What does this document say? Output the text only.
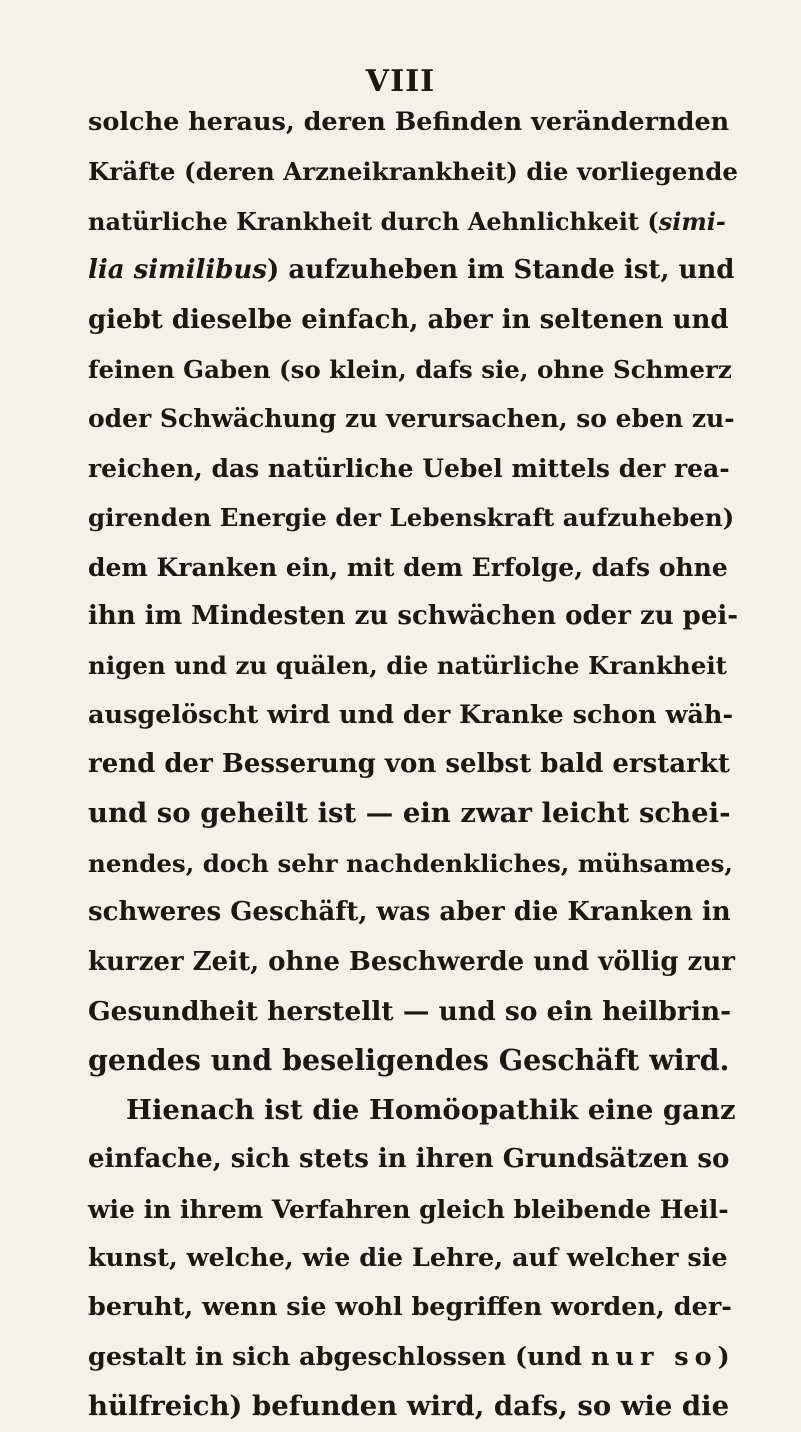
VIII
solche heraus, deren Befinden verändernden
Kräfte (deren Arzneikrankheit) die vorliegende
natürliche Krankheit durch Aehnlichkeit (simi-
lia similibus) aufzuheben im Stande ist, und
giebt dieselbe einfach, aber in seltenen und
feinen Gaben (so klein, dafs sie, ohne Schmerz
oder Schwächung zu verursachen, so eben zu-
reichen, das natürliche Uebel mittels der rea-
girenden Energie der Lebenskraft aufzuheben)
dem Kranken ein, mit dem Erfolge, dafs ohne
ihn im Mindesten zu schwächen oder zu pei-
nigen und zu quälen, die natürliche Krankheit
ausgelöscht wird und der Kranke schon wäh-
rend der Besserung von selbst bald erstarkt
und so geheilt ist — ein zwar leicht schei-
nendes, doch sehr nachdenkliches, mühsames,
schweres Geschäft, was aber die Kranken in
kurzer Zeit, ohne Beschwerde und völlig zur
Gesundheit herstellt — und so ein heilbrin-
gendes und beseligendes Geschäft wird.
Hienach ist die Homöopathik eine ganz
einfache, sich stets in ihren Grundsätzen so
wie in ihrem Verfahren gleich bleibende Heil-
kunst, welche, wie die Lehre, auf welcher sie
beruht, wenn sie wohl begriffen worden, der-
gestalt in sich abgeschlossen (und nur so)
hülfreich) befunden wird, dafs, so wie die
